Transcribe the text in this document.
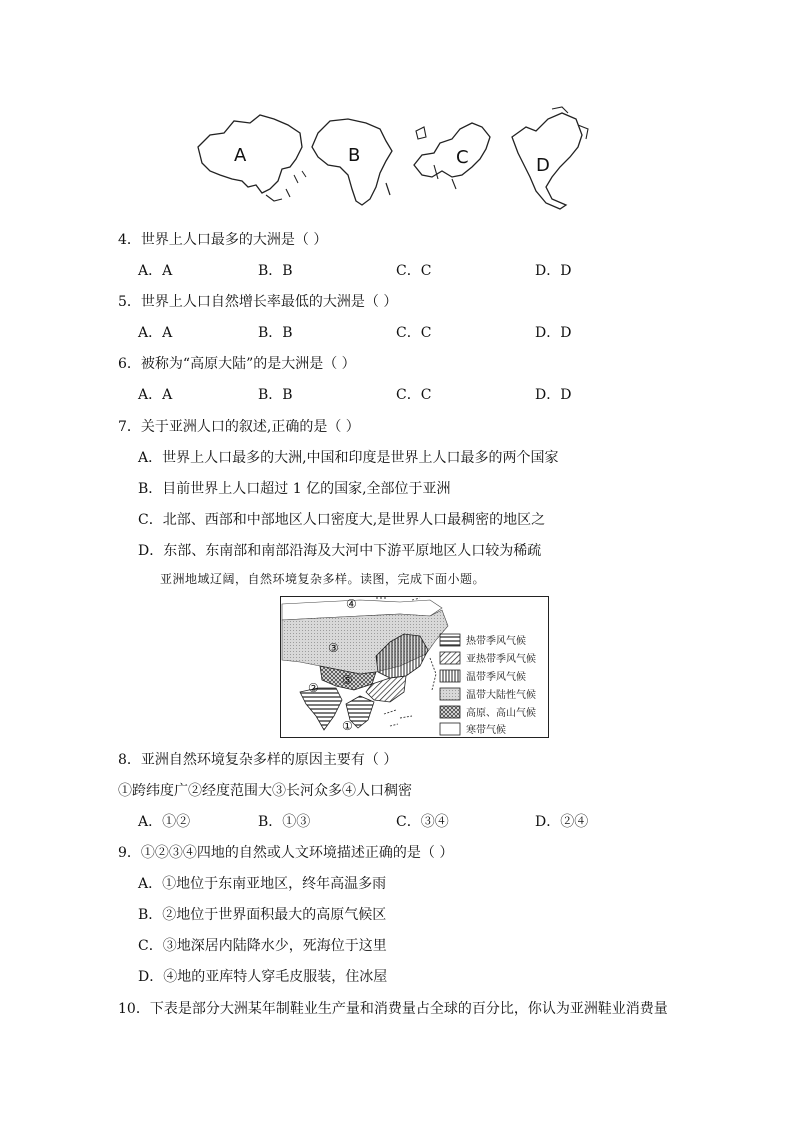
A	B	C	D
4．世界上人口最多的大洲是（ ）
A．A	B．B	C．C	D．D
5．世界上人口自然增长率最低的大洲是（ ）
A．A	B．B	C．C	D．D
6．被称为“高原大陆”的是大洲是（ ）
A．A	B．B	C．C	D．D
7．关于亚洲人口的叙述,正确的是（ ）
A．世界上人口最多的大洲,中国和印度是世界上人口最多的两个国家
B．目前世界上人口超过 1 亿的国家,全部位于亚洲
C．北部、西部和中部地区人口密度大,是世界人口最稠密的地区之
D．东部、东南部和南部沿海及大河中下游平原地区人口较为稀疏
亚洲地域辽阔，自然环境复杂多样。读图，完成下面小题。
④
③
②
⑤
①
热带季风气候
亚热带季风气候
温带季风气候
温带大陆性气候
高原、高山气候
寒带气候
8．亚洲自然环境复杂多样的原因主要有（ ）
①跨纬度广②经度范围大③长河众多④人口稠密
A．①②	B．①③	C．③④	D．②④
9．①②③④四地的自然或人文环境描述正确的是（ ）
A．①地位于东南亚地区，终年高温多雨
B．②地位于世界面积最大的高原气候区
C．③地深居内陆降水少，死海位于这里
D．④地的亚库特人穿毛皮服装，住冰屋
10．下表是部分大洲某年制鞋业生产量和消费量占全球的百分比，你认为亚洲鞋业消费量
